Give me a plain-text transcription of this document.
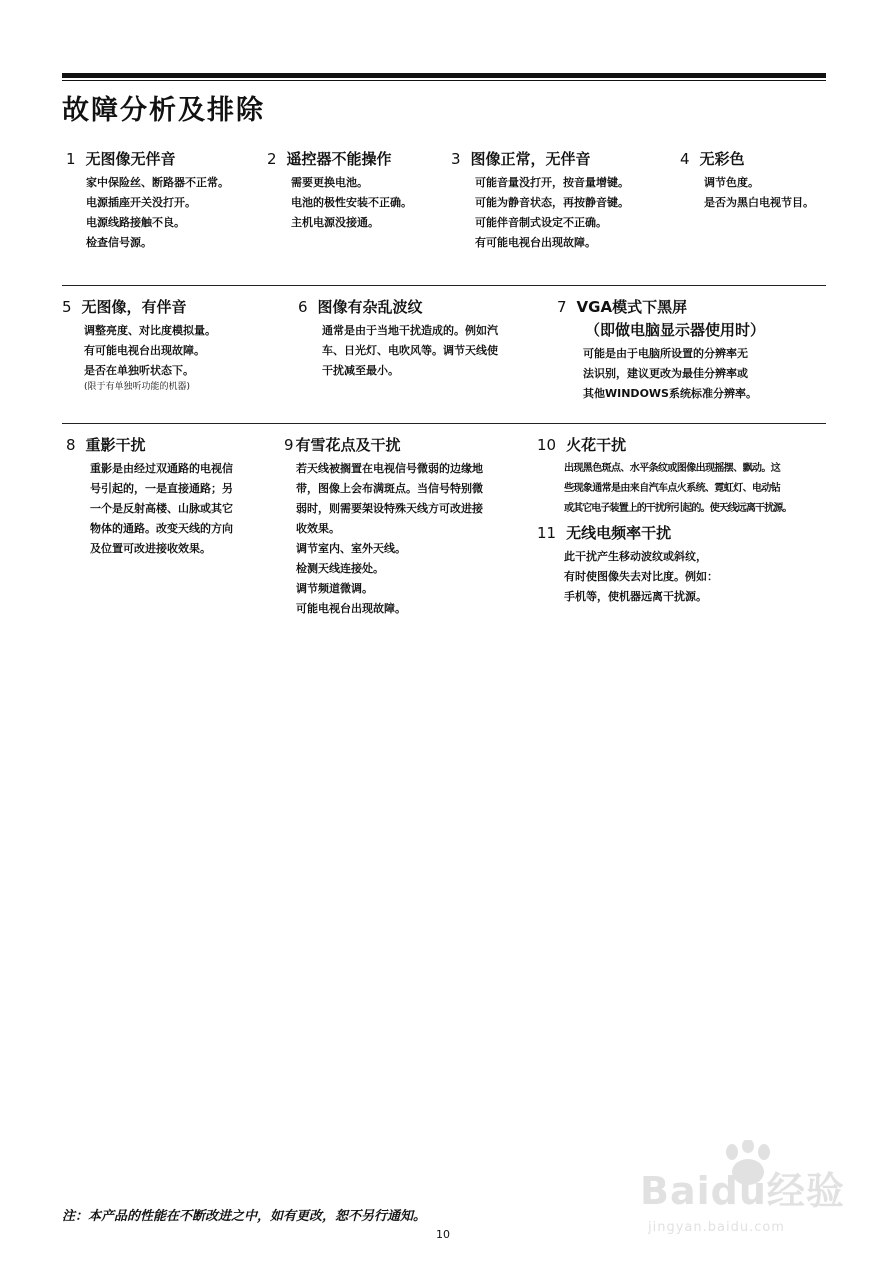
故障分析及排除
1 无图像无伴音
家中保险丝、断路器不正常。
电源插座开关没打开。
电源线路接触不良。
检查信号源。
2 遥控器不能操作
需要更换电池。
电池的极性安装不正确。
主机电源没接通。
3 图像正常，无伴音
可能音量没打开，按音量增键。
可能为静音状态，再按静音键。
可能伴音制式设定不正确。
有可能电视台出现故障。
4 无彩色
调节色度。
是否为黑白电视节目。
5 无图像，有伴音
调整亮度、对比度模拟量。
有可能电视台出现故障。
是否在单独听状态下。
(限于有单独听功能的机器)
6 图像有杂乱波纹
通常是由于当地干扰造成的。例如汽
车、日光灯、电吹风等。调节天线使
干扰减至最小。
7 VGA模式下黑屏
（即做电脑显示器使用时）
可能是由于电脑所设置的分辨率无
法识别，建议更改为最佳分辨率或
其他WINDOWS系统标准分辨率。
8 重影干扰
重影是由经过双通路的电视信
号引起的，一是直接通路；另
一个是反射高楼、山脉或其它
物体的通路。改变天线的方向
及位置可改进接收效果。
9 有雪花点及干扰
若天线被搁置在电视信号微弱的边缘地
带，图像上会布满斑点。当信号特别微
弱时，则需要架设特殊天线方可改进接
收效果。
调节室内、室外天线。
检测天线连接处。
调节频道微调。
可能电视台出现故障。
10 火花干扰
出现黑色斑点、水平条纹或图像出现摇摆、飘动。这
些现象通常是由来自汽车点火系统、霓虹灯、电动钻
或其它电子装置上的干扰所引起的。使天线远离干扰源。
11 无线电频率干扰
此干扰产生移动波纹或斜纹，
有时使图像失去对比度。例如：
手机等，使机器远离干扰源。
注：本产品的性能在不断改进之中，如有更改，恕不另行通知。
10
Baidu经验
jingyan.baidu.com
